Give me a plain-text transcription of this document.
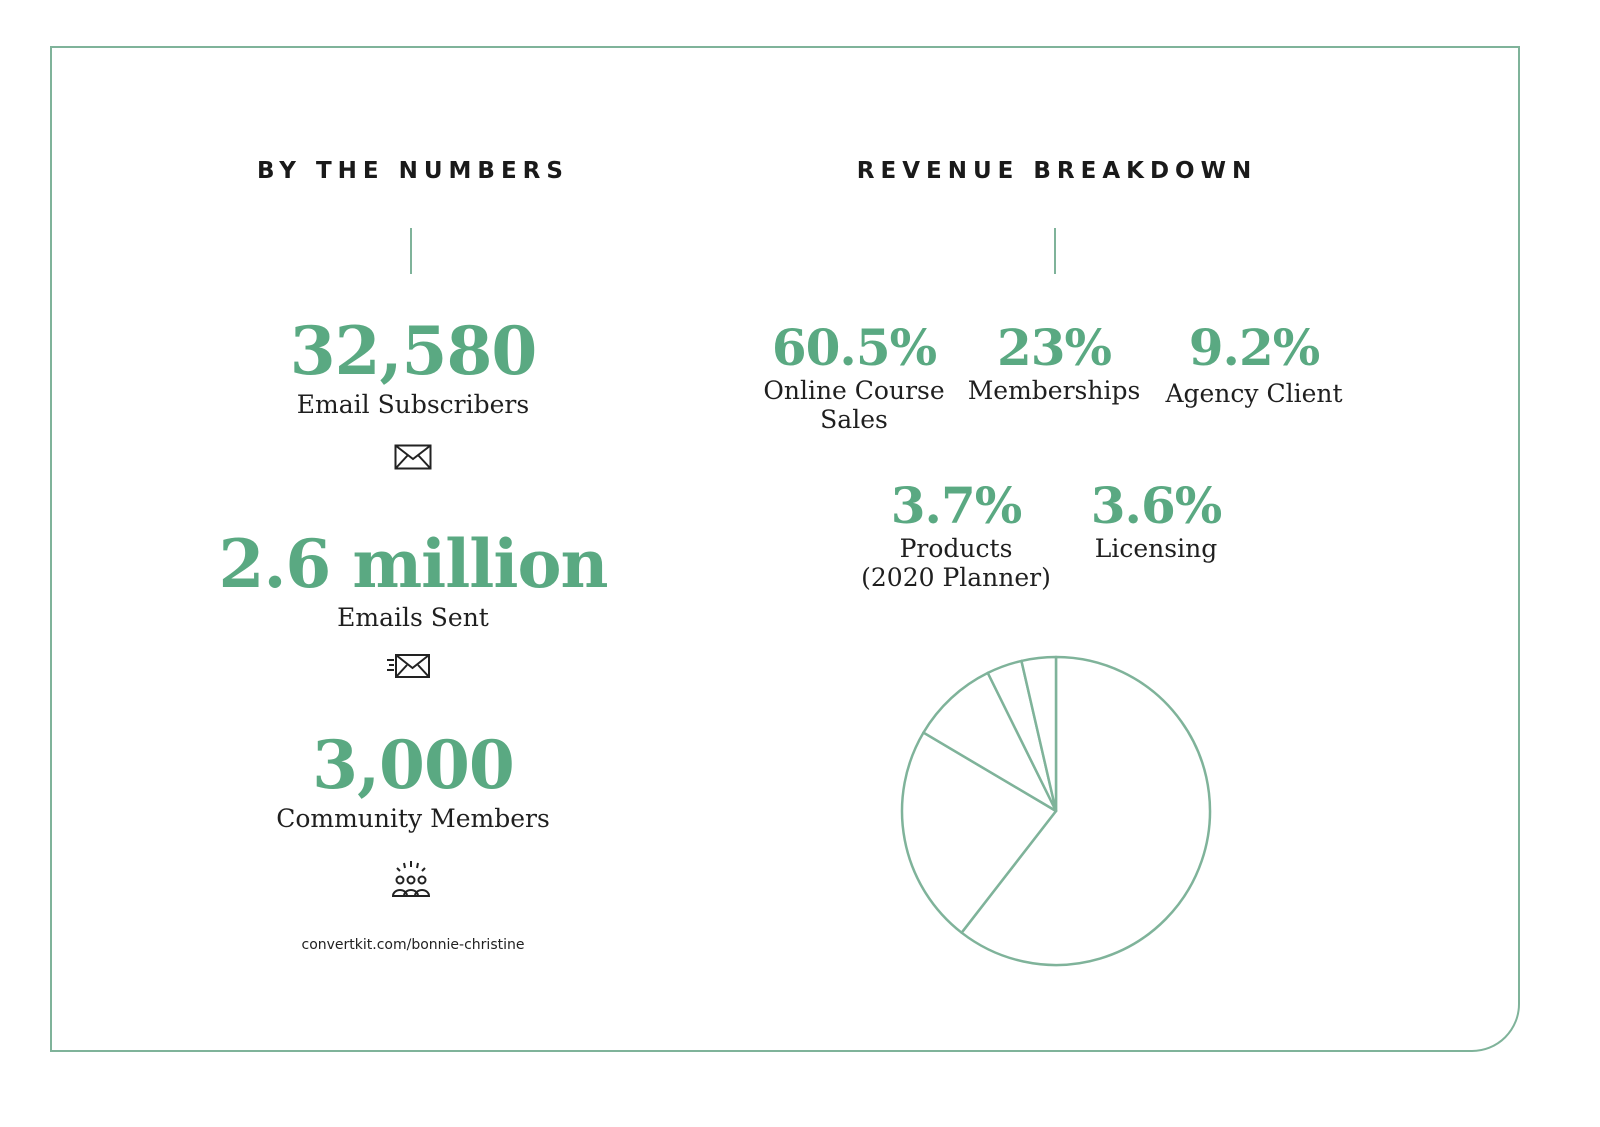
BY THE NUMBERS
32,580
Email Subscribers
2.6 million
Emails Sent
3,000
Community Members
convertkit.com/bonnie-christine
REVENUE BREAKDOWN
60.5%
Online Course
Sales
23%
Memberships
9.2%
Agency Client
3.7%
Products
(2020 Planner)
3.6%
Licensing
